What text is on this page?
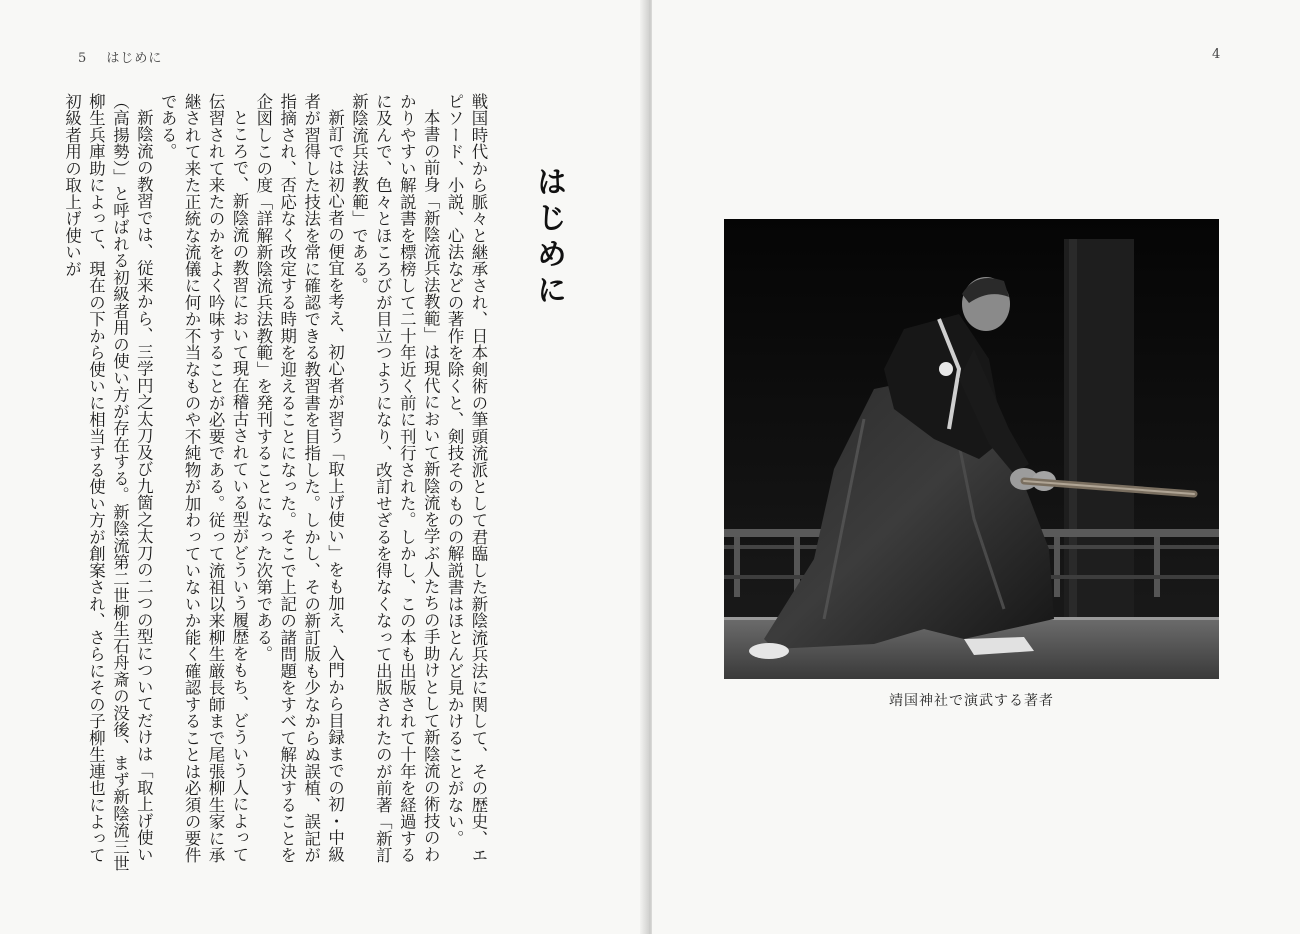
5 はじめに
はじめに

戦国時代から脈々と継承され、日本剣術の筆頭流派として君臨した新陰流兵法に関して、その歴史、エピソード、小説、心法などの著作を除くと、剣技そのものの解説書はほとんど見かけることがない。

本書の前身「新陰流兵法教範」は現代において新陰流を学ぶ人たちの手助けとして新陰流の術技のわかりやすい解説書を標榜して二十年近く前に刊行された。しかし、この本も出版されて十年を経過するに及んで、色々とほころびが目立つようになり、改訂せざるを得なくなって出版されたのが前著「新訂新陰流兵法教範」である。

新訂では初心者の便宜を考え、初心者が習う「取上げ使い」をも加え、入門から目録までの初・中級者が習得した技法を常に確認できる教習書を目指した。しかし、その新訂版も少なからぬ誤植、誤記が指摘され、否応なく改定する時期を迎えることになった。そこで上記の諸問題をすべて解決することを企図しこの度「詳解新陰流兵法教範」を発刊することになった次第である。

ところで、新陰流の教習において現在稽古されている型がどういう履歴をもち、どういう人によって伝習されて来たのかをよく吟味することが必要である。従って流祖以来柳生厳長師まで尾張柳生家に承継されて来た正統な流儀に何か不当なものや不純物が加わっていないか能く確認することは必須の要件である。

新陰流の教習では、従来から、三学円之太刀及び九箇之太刀の二つの型についてだけは「取上げ使い（高揚勢）」と呼ばれる初級者用の使い方が存在する。新陰流第二世柳生石舟斎の没後、まず新陰流三世柳生兵庫助によって、現在の下から使いに相当する使い方が創案され、さらにその子柳生連也によって初級者用の取上げ使いが

4
靖国神社で演武する著者
